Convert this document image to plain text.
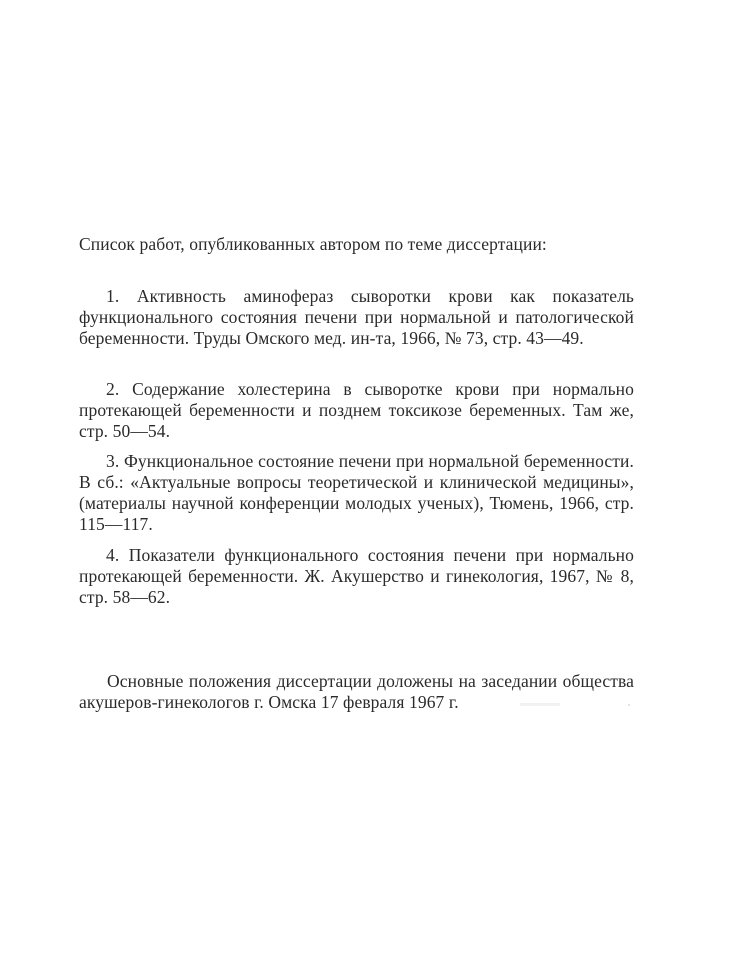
Список работ, опубликованных автором по теме диссертации:

1. Активность аминофераз сыворотки крови как показатель функционального состояния печени при нормальной и патологической беременности. Труды Омского мед. ин-та, 1966, № 73, стр. 43—49.

2. Содержание холестерина в сыворотке крови при нормально протекающей беременности и позднем токсикозе беременных. Там же, стр. 50—54.

3. Функциональное состояние печени при нормальной беременности. В сб.: «Актуальные вопросы теоретической и клинической медицины», (материалы научной конференции молодых ученых), Тюмень, 1966, стр. 115—117.

4. Показатели функционального состояния печени при нормально протекающей беременности. Ж. Акушерство и гинекология, 1967, № 8, стр. 58—62.

Основные положения диссертации доложены на заседании общества акушеров-гинекологов г. Омска 17 февраля 1967 г.
